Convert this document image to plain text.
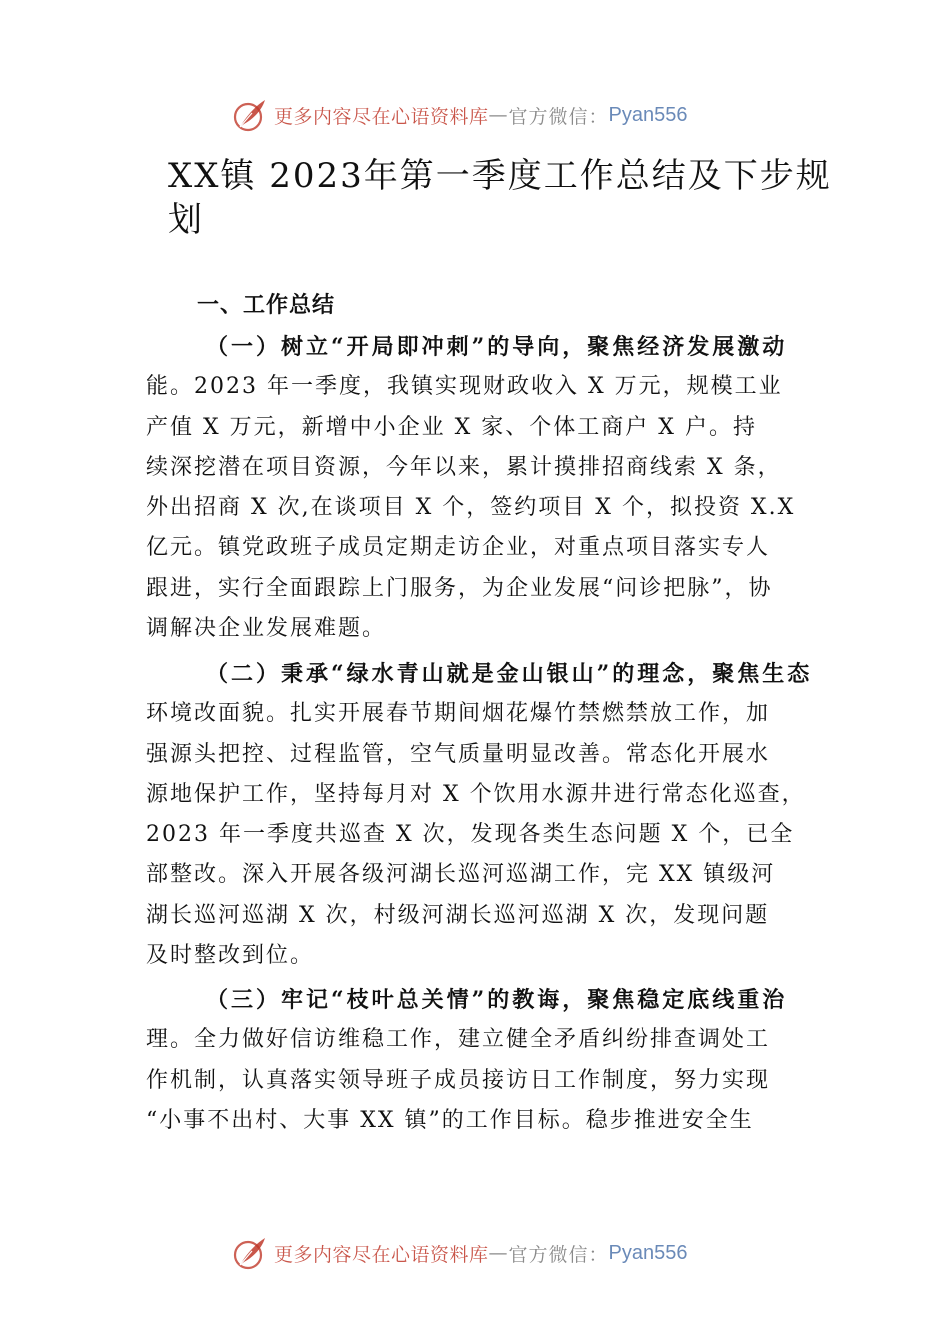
更多内容尽在心语资料库 — 官方微信： Pyan556
XX镇 2023年第一季度工作总结及下步规
划
一、工作总结
（一）树立“开局即冲刺”的导向，聚焦经济发展激动
能。2023 年一季度，我镇实现财政收入 X 万元，规模工业
产值 X 万元，新增中小企业 X 家、个体工商户 X 户。持
续深挖潜在项目资源，今年以来，累计摸排招商线索 X 条，
外出招商 X 次,在谈项目 X 个，签约项目 X 个，拟投资 X.X
亿元。镇党政班子成员定期走访企业，对重点项目落实专人
跟进，实行全面跟踪上门服务，为企业发展“问诊把脉”，协
调解决企业发展难题。
（二）秉承“绿水青山就是金山银山”的理念，聚焦生态
环境改面貌。扎实开展春节期间烟花爆竹禁燃禁放工作，加
强源头把控、过程监管，空气质量明显改善。常态化开展水
源地保护工作，坚持每月对 X 个饮用水源井进行常态化巡查，
2023 年一季度共巡查 X 次，发现各类生态问题 X 个，已全
部整改。深入开展各级河湖长巡河巡湖工作，完 XX 镇级河
湖长巡河巡湖 X 次，村级河湖长巡河巡湖 X 次，发现问题
及时整改到位。
（三）牢记“枝叶总关情”的教诲，聚焦稳定底线重治
理。全力做好信访维稳工作，建立健全矛盾纠纷排查调处工
作机制，认真落实领导班子成员接访日工作制度，努力实现
“小事不出村、大事 XX 镇”的工作目标。稳步推进安全生
更多内容尽在心语资料库 — 官方微信： Pyan556
